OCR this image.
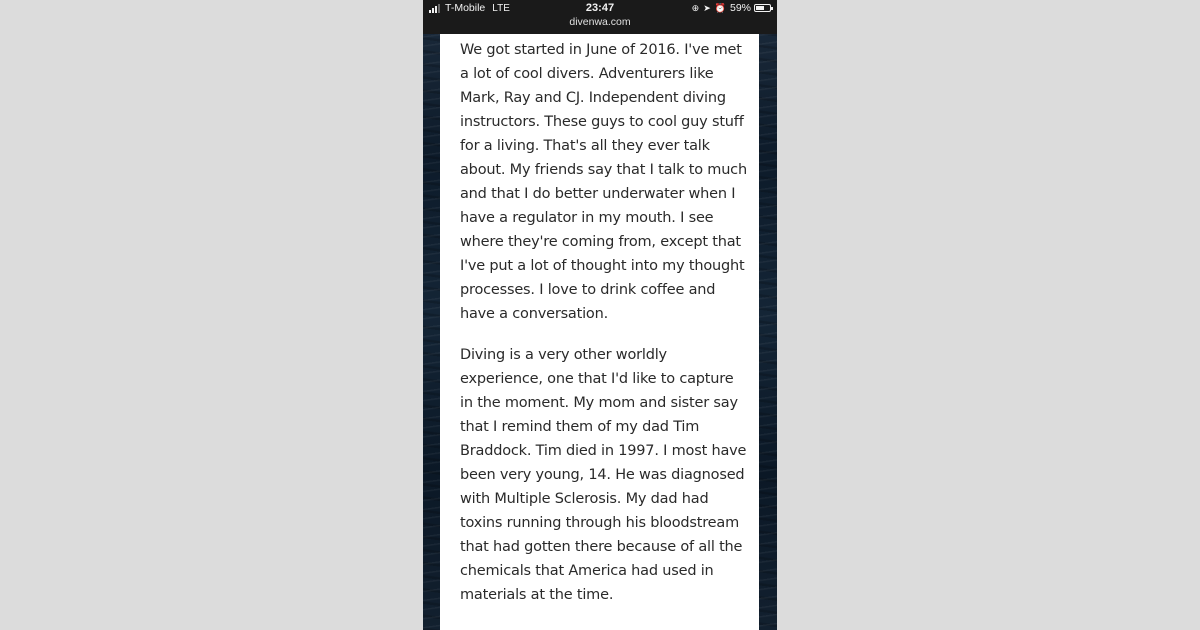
T-Mobile LTE	23:47
divenwa.com
⊕ ➤ ⏰ 59%

We got started in June of 2016. I've met a lot of cool divers. Adventurers like Mark, Ray and CJ. Independent diving instructors. These guys to cool guy stuff for a living. That's all they ever talk about. My friends say that I talk to much and that I do better underwater when I have a regulator in my mouth. I see where they're coming from, except that I've put a lot of thought into my thought processes. I love to drink coffee and have a conversation.

Diving is a very other worldly experience, one that I'd like to capture in the moment. My mom and sister say that I remind them of my dad Tim Braddock. Tim died in 1997. I most have been very young, 14. He was diagnosed with Multiple Sclerosis. My dad had toxins running through his bloodstream that had gotten there because of all the chemicals that America had used in materials at the time.
